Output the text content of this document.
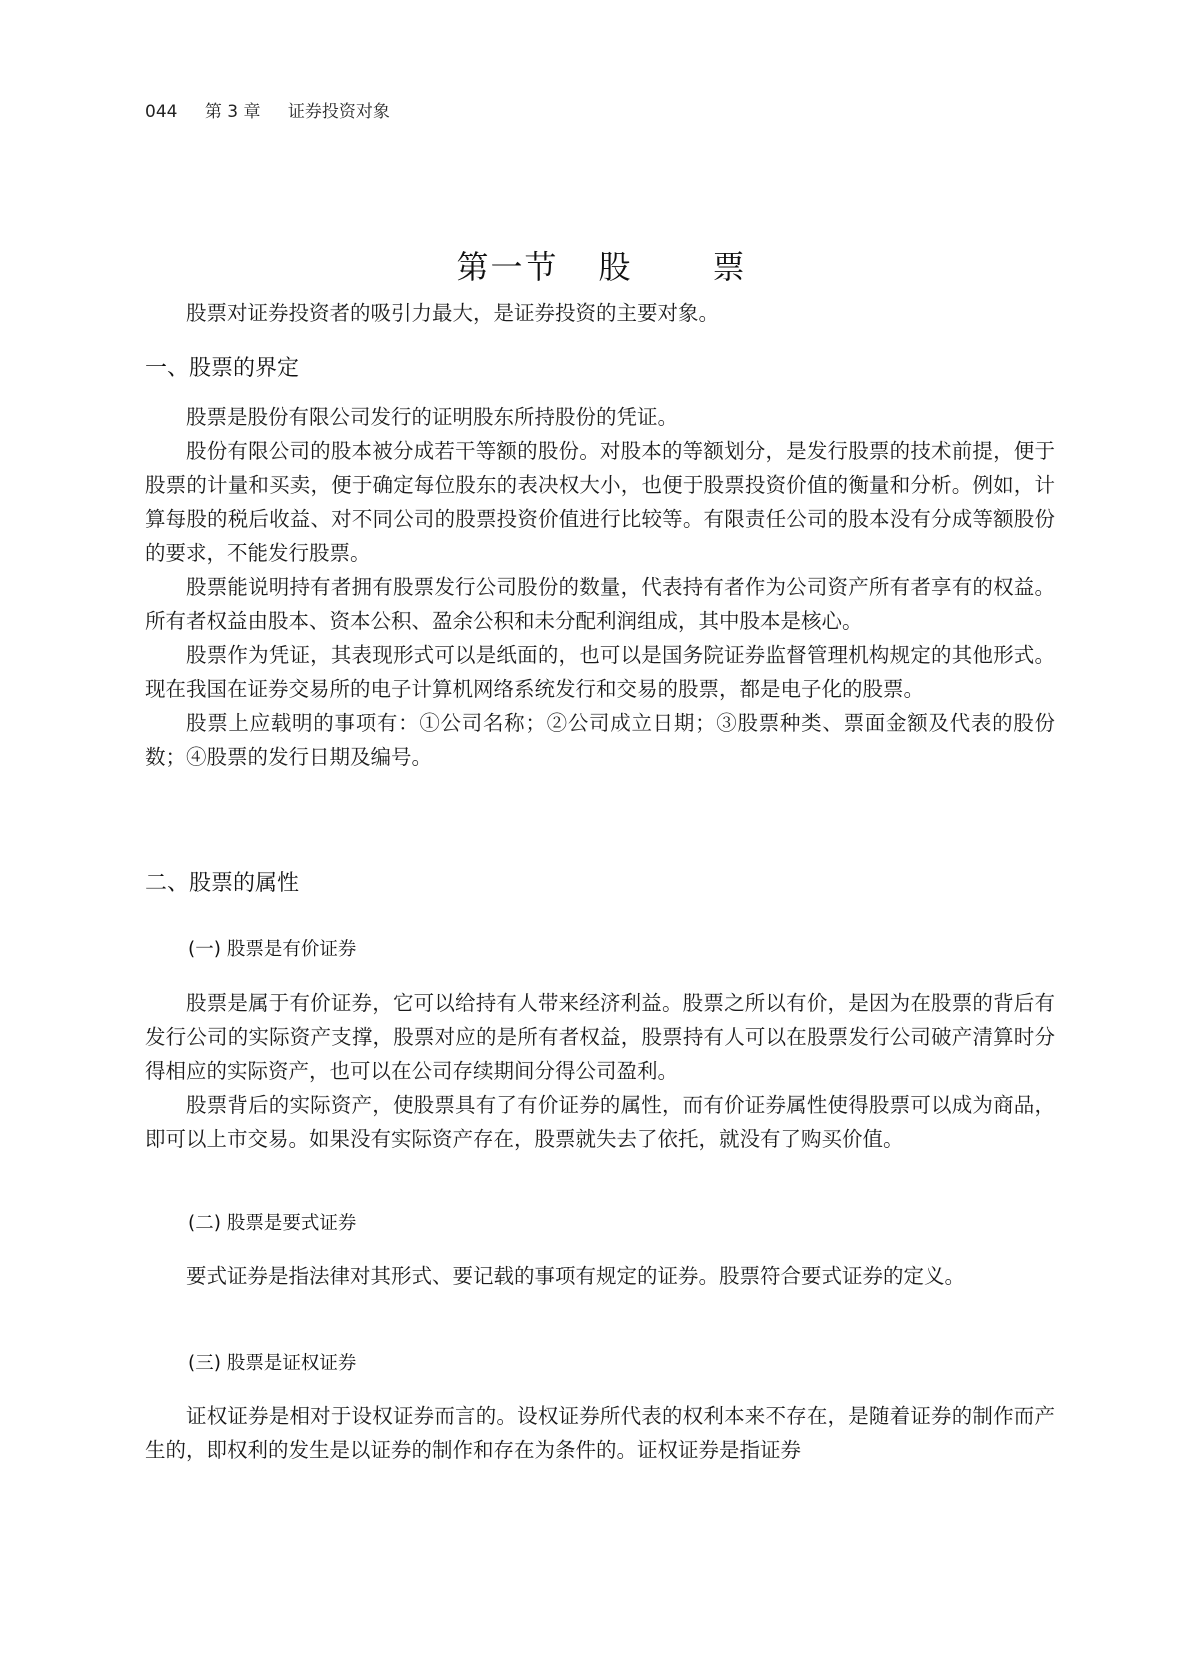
044 第 3 章 证券投资对象
第一节 股	票

股票对证券投资者的吸引力最大，是证券投资的主要对象。

一、股票的界定

股票是股份有限公司发行的证明股东所持股份的凭证。

股份有限公司的股本被分成若干等额的股份。对股本的等额划分，是发行股票的技术前提，便于股票的计量和买卖，便于确定每位股东的表决权大小，也便于股票投资价值的衡量和分析。例如，计算每股的税后收益、对不同公司的股票投资价值进行比较等。有限责任公司的股本没有分成等额股份的要求，不能发行股票。

股票能说明持有者拥有股票发行公司股份的数量，代表持有者作为公司资产所有者享有的权益。所有者权益由股本、资本公积、盈余公积和未分配利润组成，其中股本是核心。

股票作为凭证，其表现形式可以是纸面的，也可以是国务院证券监督管理机构规定的其他形式。现在我国在证券交易所的电子计算机网络系统发行和交易的股票，都是电子化的股票。

股票上应载明的事项有：①公司名称；②公司成立日期；③股票种类、票面金额及代表的股份数；④股票的发行日期及编号。

二、股票的属性
(一) 股票是有价证券

股票是属于有价证券，它可以给持有人带来经济利益。股票之所以有价，是因为在股票的背后有发行公司的实际资产支撑，股票对应的是所有者权益，股票持有人可以在股票发行公司破产清算时分得相应的实际资产，也可以在公司存续期间分得公司盈利。

股票背后的实际资产，使股票具有了有价证券的属性，而有价证券属性使得股票可以成为商品，即可以上市交易。如果没有实际资产存在，股票就失去了依托，就没有了购买价值。

(二) 股票是要式证券

要式证券是指法律对其形式、要记载的事项有规定的证券。股票符合要式证券的定义。

(三) 股票是证权证券

证权证券是相对于设权证券而言的。设权证券所代表的权利本来不存在，是随着证券的制作而产生的，即权利的发生是以证券的制作和存在为条件的。证权证券是指证券
